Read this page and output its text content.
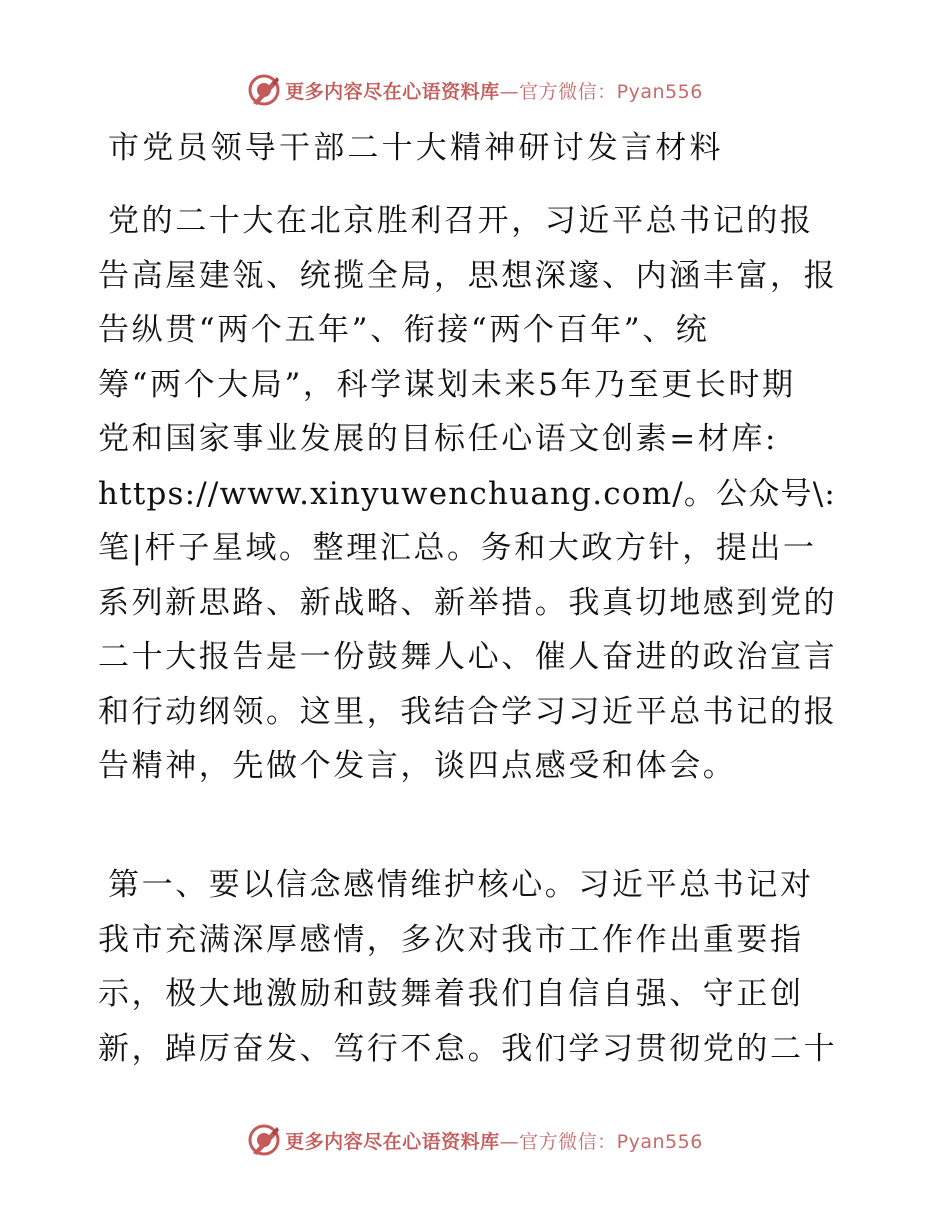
更多内容尽在心语资料库—官方微信：Pyan556
市党员领导干部二十大精神研讨发言材料
党的二十大在北京胜利召开，习近平总书记的报
告高屋建瓴、统揽全局，思想深邃、内涵丰富，报
告纵贯“两个五年”、衔接“两个百年”、统
筹“两个大局”，科学谋划未来5年乃至更长时期
党和国家事业发展的目标任心语文创素=材库:
https://www.xinyuwenchuang.com/。公众号\:
笔|杆子星域。整理汇总。务和大政方针，提出一
系列新思路、新战略、新举措。我真切地感到党的
二十大报告是一份鼓舞人心、催人奋进的政治宣言
和行动纲领。这里，我结合学习习近平总书记的报
告精神，先做个发言，谈四点感受和体会。
第一、要以信念感情维护核心。习近平总书记对
我市充满深厚感情，多次对我市工作作出重要指
示，极大地激励和鼓舞着我们自信自强、守正创
新，踔厉奋发、笃行不怠。我们学习贯彻党的二十
更多内容尽在心语资料库—官方微信：Pyan556
